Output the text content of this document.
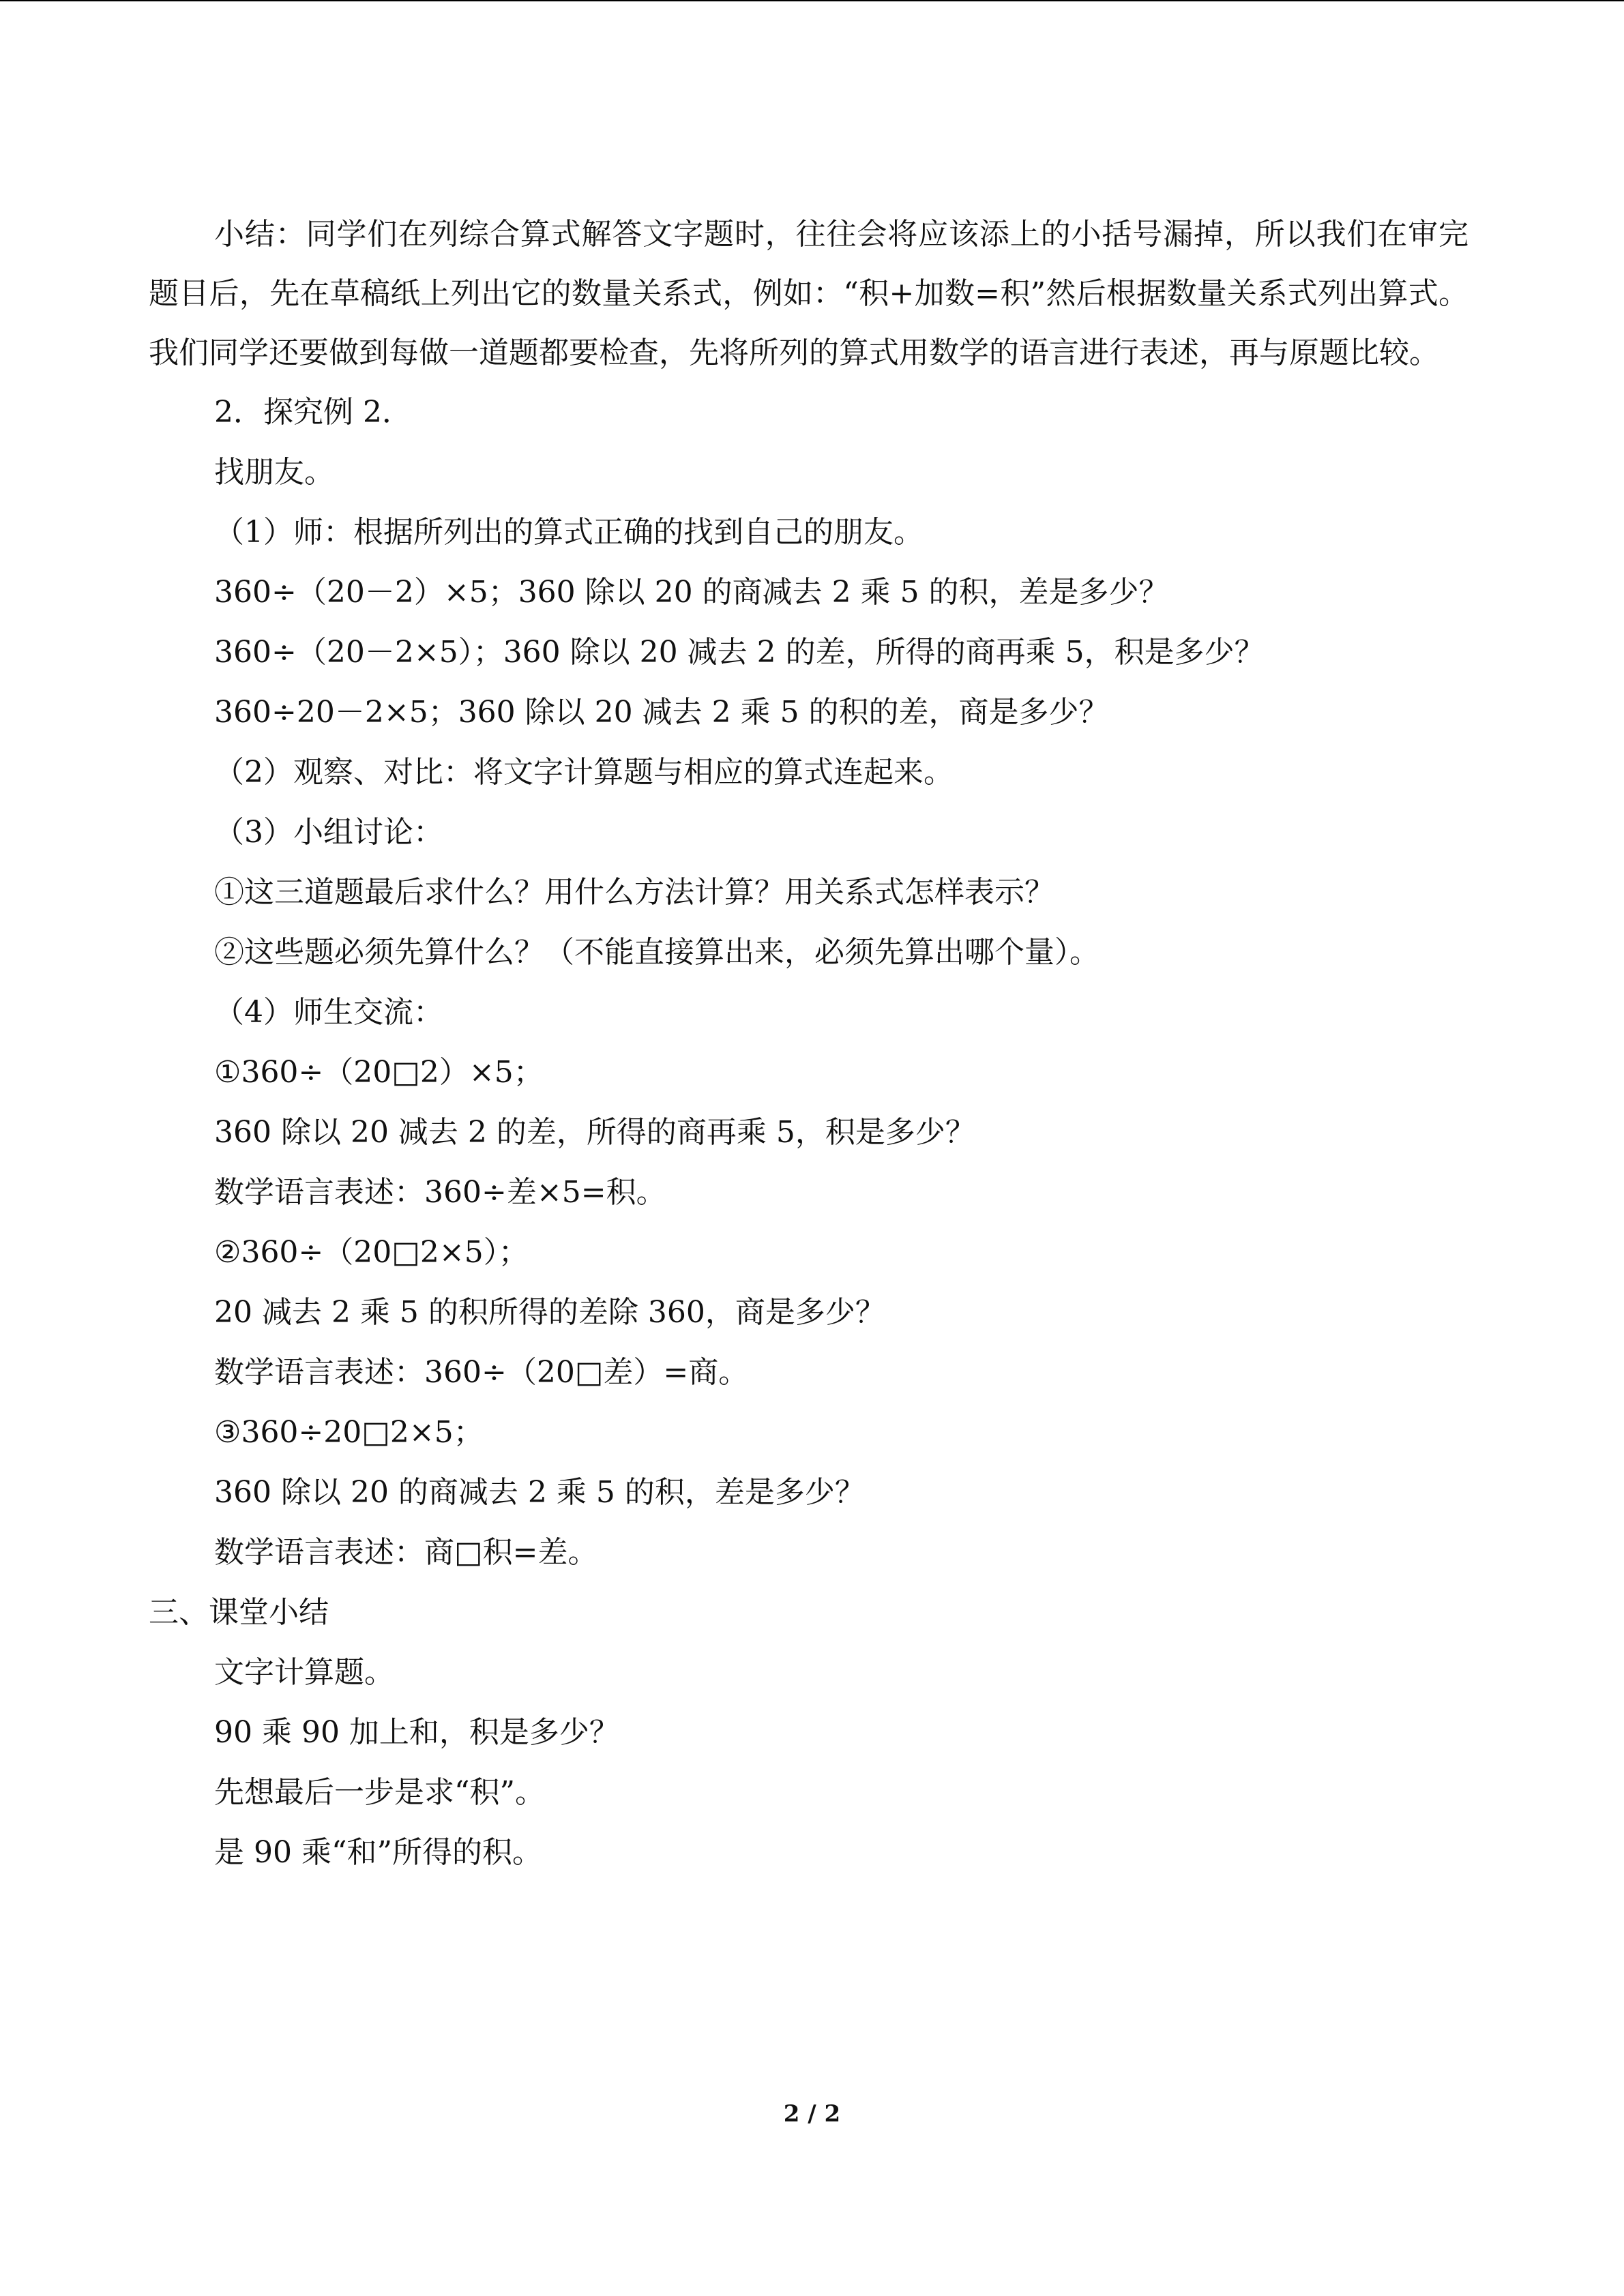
小结：同学们在列综合算式解答文字题时，往往会将应该添上的小括号漏掉，所以我们在审完题目后，先在草稿纸上列出它的数量关系式，例如：“积+加数=积”然后根据数量关系式列出算式。我们同学还要做到每做一道题都要检查，先将所列的算式用数学的语言进行表述，再与原题比较。

2．探究例 2．

找朋友。

（1）师：根据所列出的算式正确的找到自己的朋友。

360÷（20－2）×5；360 除以 20 的商减去 2 乘 5 的积，差是多少？

360÷（20－2×5）；360 除以 20 减去 2 的差，所得的商再乘 5，积是多少？

360÷20－2×5；360 除以 20 减去 2 乘 5 的积的差，商是多少？

（2）观察、对比：将文字计算题与相应的算式连起来。

（3）小组讨论：

①这三道题最后求什么？用什么方法计算？用关系式怎样表示？

②这些题必须先算什么？（不能直接算出来，必须先算出哪个量）。

（4）师生交流：

①360÷（20□2）×5；

360 除以 20 减去 2 的差，所得的商再乘 5，积是多少？

数学语言表述：360÷差×5=积。

②360÷（20□2×5）；

20 减去 2 乘 5 的积所得的差除 360，商是多少？

数学语言表述：360÷（20□差）=商。

③360÷20□2×5；

360 除以 20 的商减去 2 乘 5 的积，差是多少？

数学语言表述：商□积=差。

三、课堂小结

文字计算题。

90 乘 90 加上和，积是多少？

先想最后一步是求“积”。

是 90 乘“和”所得的积。

2 / 2
